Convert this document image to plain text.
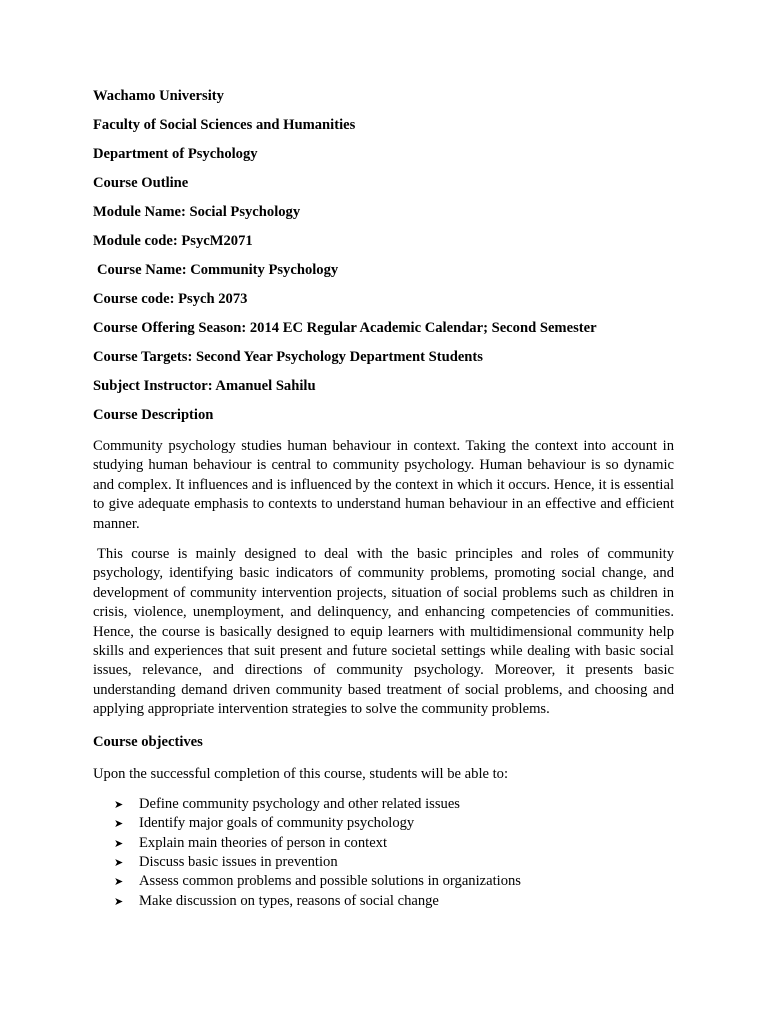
Wachamo University
Faculty of Social Sciences and Humanities
Department of Psychology
Course Outline
Module Name: Social Psychology
Module code: PsycM2071
Course Name: Community Psychology
Course code: Psych 2073
Course Offering Season: 2014 EC Regular Academic Calendar; Second Semester
Course Targets: Second Year Psychology Department Students
Subject Instructor: Amanuel Sahilu
Course Description

Community psychology studies human behaviour in context. Taking the context into account in studying human behaviour is central to community psychology. Human behaviour is so dynamic and complex. It influences and is influenced by the context in which it occurs. Hence, it is essential to give adequate emphasis to contexts to understand human behaviour in an effective and efficient manner.

This course is mainly designed to deal with the basic principles and roles of community psychology, identifying basic indicators of community problems, promoting social change, and development of community intervention projects, situation of social problems such as children in crisis, violence, unemployment, and delinquency, and enhancing competencies of communities. Hence, the course is basically designed to equip learners with multidimensional community help skills and experiences that suit present and future societal settings while dealing with basic social issues, relevance, and directions of community psychology. Moreover, it presents basic understanding demand driven community based treatment of social problems, and choosing and applying appropriate intervention strategies to solve the community problems.

Course objectives
Upon the successful completion of this course, students will be able to:
➤	Define community psychology and other related issues
➤	Identify major goals of community psychology
➤	Explain main theories of person in context
➤	Discuss basic issues in prevention
➤	Assess common problems and possible solutions in organizations
➤	Make discussion on types, reasons of social change
